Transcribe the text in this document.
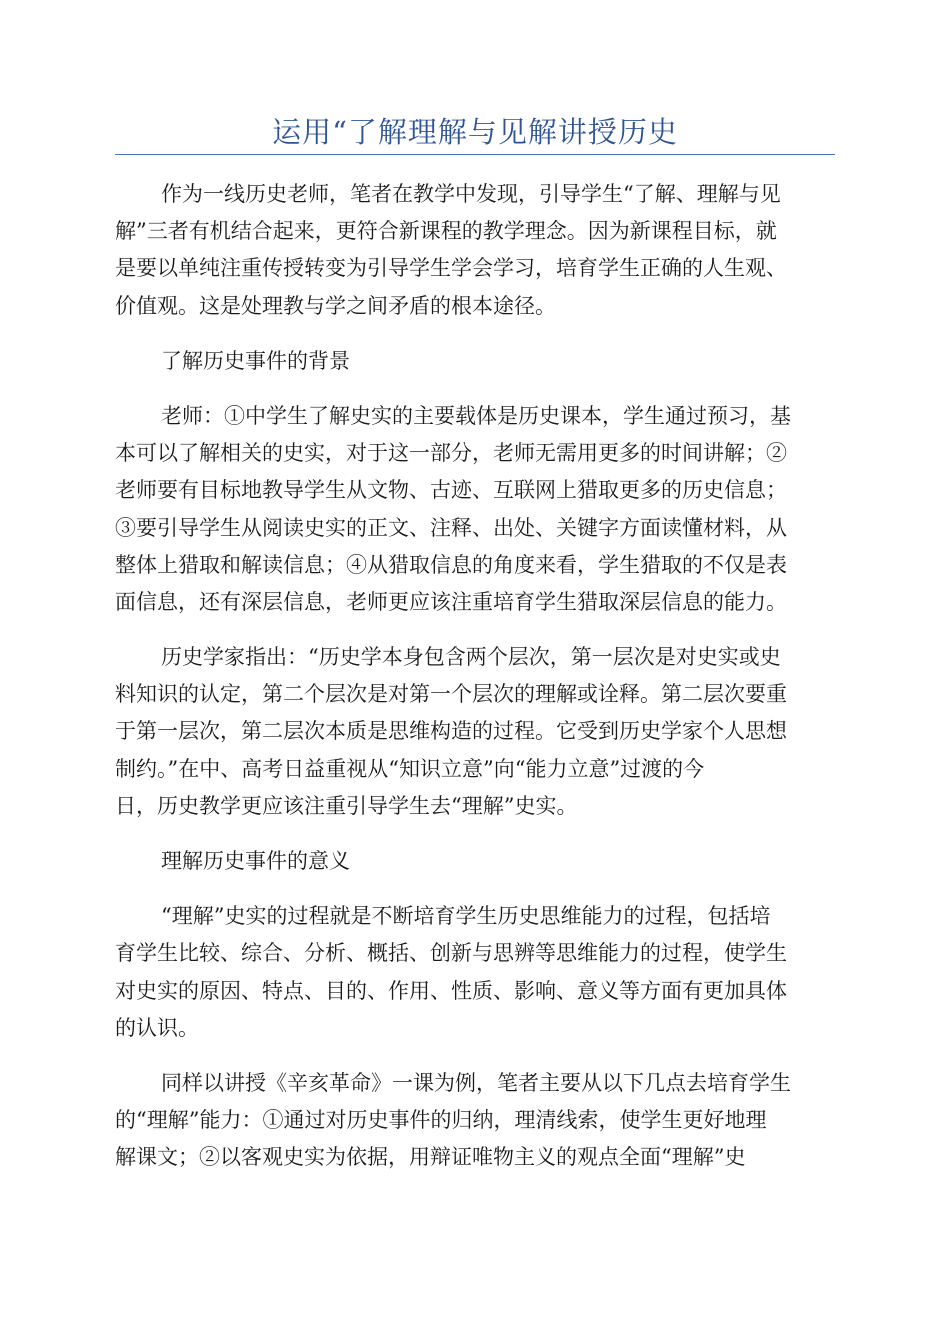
运用“了解理解与见解讲授历史
作为一线历史老师，笔者在教学中发现，引导学生“了解、理解与见
解”三者有机结合起来，更符合新课程的教学理念。因为新课程目标，就
是要以单纯注重传授转变为引导学生学会学习，培育学生正确的人生观、
价值观。这是处理教与学之间矛盾的根本途径。
了解历史事件的背景
老师：①中学生了解史实的主要载体是历史课本，学生通过预习，基
本可以了解相关的史实，对于这一部分，老师无需用更多的时间讲解；②
老师要有目标地教导学生从文物、古迹、互联网上猎取更多的历史信息；
③要引导学生从阅读史实的正文、注释、出处、关键字方面读懂材料，从
整体上猎取和解读信息；④从猎取信息的角度来看，学生猎取的不仅是表
面信息，还有深层信息，老师更应该注重培育学生猎取深层信息的能力。
历史学家指出：“历史学本身包含两个层次，第一层次是对史实或史
料知识的认定，第二个层次是对第一个层次的理解或诠释。第二层次要重
于第一层次，第二层次本质是思维构造的过程。它受到历史学家个人思想
制约。”在中、高考日益重视从“知识立意”向“能力立意”过渡的今
日，历史教学更应该注重引导学生去“理解”史实。
理解历史事件的意义
“理解”史实的过程就是不断培育学生历史思维能力的过程，包括培
育学生比较、综合、分析、概括、创新与思辨等思维能力的过程，使学生
对史实的原因、特点、目的、作用、性质、影响、意义等方面有更加具体
的认识。
同样以讲授《辛亥革命》一课为例，笔者主要从以下几点去培育学生
的“理解”能力：①通过对历史事件的归纳，理清线索，使学生更好地理
解课文；②以客观史实为依据，用辩证唯物主义的观点全面“理解”史
